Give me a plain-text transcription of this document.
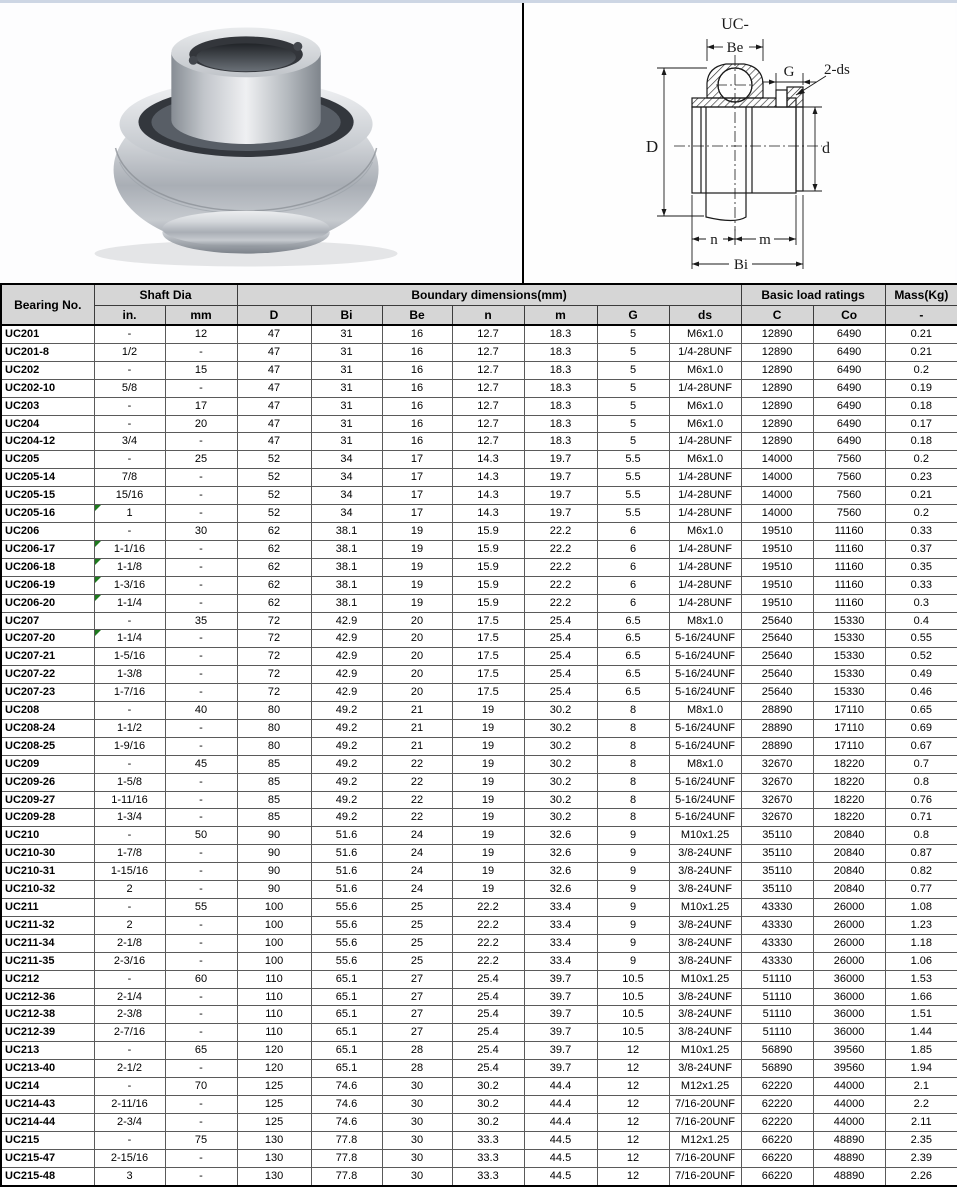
UC-
Be
G 2-ds
D	d
n	m
Bi
Bearing No.	Shaft Dia		Boundary dimensions(mm)							Basic load ratings		Mass(Kg)
	in.	mm	D	Bi	Be	n	m	G	ds	C	Co	-
UC201	-	12	47	31	16	12.7	18.3	5	M6x1.0	12890	6490	0.21
UC201-8	1/2	-	47	31	16	12.7	18.3	5	1/4-28UNF	12890	6490	0.21
UC202	-	15	47	31	16	12.7	18.3	5	M6x1.0	12890	6490	0.2
UC202-10	5/8	-	47	31	16	12.7	18.3	5	1/4-28UNF	12890	6490	0.19
UC203	-	17	47	31	16	12.7	18.3	5	M6x1.0	12890	6490	0.18
UC204	-	20	47	31	16	12.7	18.3	5	M6x1.0	12890	6490	0.17
UC204-12	3/4	-	47	31	16	12.7	18.3	5	1/4-28UNF	12890	6490	0.18
UC205	-	25	52	34	17	14.3	19.7	5.5	M6x1.0	14000	7560	0.2
UC205-14	7/8	-	52	34	17	14.3	19.7	5.5	1/4-28UNF	14000	7560	0.23
UC205-15	15/16	-	52	34	17	14.3	19.7	5.5	1/4-28UNF	14000	7560	0.21
UC205-16	1	-	52	34	17	14.3	19.7	5.5	1/4-28UNF	14000	7560	0.2
UC206	-	30	62	38.1	19	15.9	22.2	6	M6x1.0	19510	11160	0.33
UC206-17	1-1/16	-	62	38.1	19	15.9	22.2	6	1/4-28UNF	19510	11160	0.37
UC206-18	1-1/8	-	62	38.1	19	15.9	22.2	6	1/4-28UNF	19510	11160	0.35
UC206-19	1-3/16	-	62	38.1	19	15.9	22.2	6	1/4-28UNF	19510	11160	0.33
UC206-20	1-1/4	-	62	38.1	19	15.9	22.2	6	1/4-28UNF	19510	11160	0.3
UC207	-	35	72	42.9	20	17.5	25.4	6.5	M8x1.0	25640	15330	0.4
UC207-20	1-1/4	-	72	42.9	20	17.5	25.4	6.5	5-16/24UNF	25640	15330	0.55
UC207-21	1-5/16	-	72	42.9	20	17.5	25.4	6.5	5-16/24UNF	25640	15330	0.52
UC207-22	1-3/8	-	72	42.9	20	17.5	25.4	6.5	5-16/24UNF	25640	15330	0.49
UC207-23	1-7/16	-	72	42.9	20	17.5	25.4	6.5	5-16/24UNF	25640	15330	0.46
UC208	-	40	80	49.2	21	19	30.2	8	M8x1.0	28890	17110	0.65
UC208-24	1-1/2	-	80	49.2	21	19	30.2	8	5-16/24UNF	28890	17110	0.69
UC208-25	1-9/16	-	80	49.2	21	19	30.2	8	5-16/24UNF	28890	17110	0.67
UC209	-	45	85	49.2	22	19	30.2	8	M8x1.0	32670	18220	0.7
UC209-26	1-5/8	-	85	49.2	22	19	30.2	8	5-16/24UNF	32670	18220	0.8
UC209-27	1-11/16	-	85	49.2	22	19	30.2	8	5-16/24UNF	32670	18220	0.76
UC209-28	1-3/4	-	85	49.2	22	19	30.2	8	5-16/24UNF	32670	18220	0.71
UC210	-	50	90	51.6	24	19	32.6	9	M10x1.25	35110	20840	0.8
UC210-30	1-7/8	-	90	51.6	24	19	32.6	9	3/8-24UNF	35110	20840	0.87
UC210-31	1-15/16	-	90	51.6	24	19	32.6	9	3/8-24UNF	35110	20840	0.82
UC210-32	2	-	90	51.6	24	19	32.6	9	3/8-24UNF	35110	20840	0.77
UC211	-	55	100	55.6	25	22.2	33.4	9	M10x1.25	43330	26000	1.08
UC211-32	2	-	100	55.6	25	22.2	33.4	9	3/8-24UNF	43330	26000	1.23
UC211-34	2-1/8	-	100	55.6	25	22.2	33.4	9	3/8-24UNF	43330	26000	1.18
UC211-35	2-3/16	-	100	55.6	25	22.2	33.4	9	3/8-24UNF	43330	26000	1.06
UC212	-	60	110	65.1	27	25.4	39.7	10.5	M10x1.25	51110	36000	1.53
UC212-36	2-1/4	-	110	65.1	27	25.4	39.7	10.5	3/8-24UNF	51110	36000	1.66
UC212-38	2-3/8	-	110	65.1	27	25.4	39.7	10.5	3/8-24UNF	51110	36000	1.51
UC212-39	2-7/16	-	110	65.1	27	25.4	39.7	10.5	3/8-24UNF	51110	36000	1.44
UC213	-	65	120	65.1	28	25.4	39.7	12	M10x1.25	56890	39560	1.85
UC213-40	2-1/2	-	120	65.1	28	25.4	39.7	12	3/8-24UNF	56890	39560	1.94
UC214	-	70	125	74.6	30	30.2	44.4	12	M12x1.25	62220	44000	2.1
UC214-43	2-11/16	-	125	74.6	30	30.2	44.4	12	7/16-20UNF	62220	44000	2.2
UC214-44	2-3/4	-	125	74.6	30	30.2	44.4	12	7/16-20UNF	62220	44000	2.11
UC215	-	75	130	77.8	30	33.3	44.5	12	M12x1.25	66220	48890	2.35
UC215-47	2-15/16	-	130	77.8	30	33.3	44.5	12	7/16-20UNF	66220	48890	2.39
UC215-48	3	-	130	77.8	30	33.3	44.5	12	7/16-20UNF	66220	48890	2.26
